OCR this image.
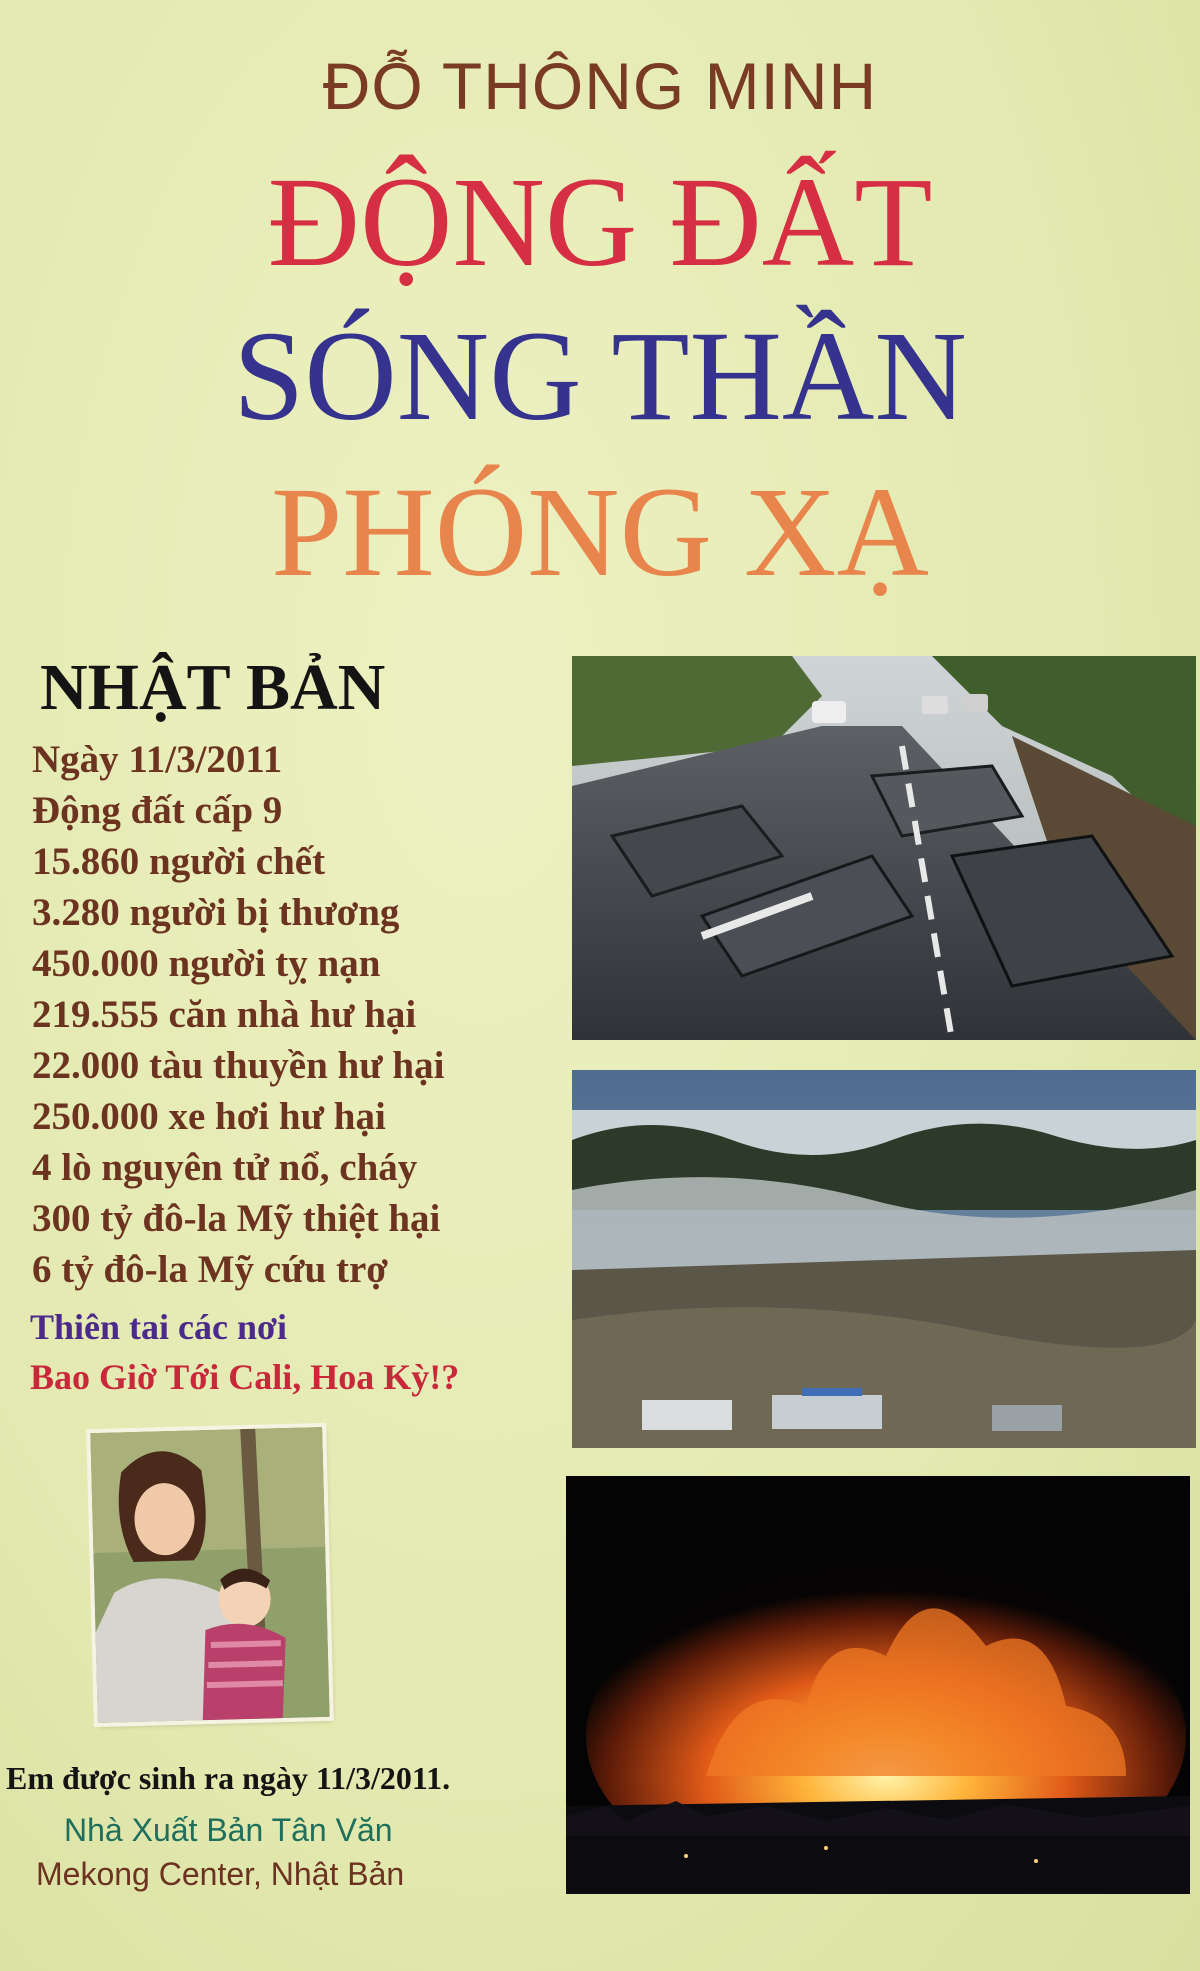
ĐỖ THÔNG MINH
ĐỘNG ĐẤT
SÓNG THẦN
PHÓNG XẠ
NHẬT BẢN
Ngày 11/3/2011
Động đất cấp 9
15.860 người chết
3.280 người bị thương
450.000 người tỵ nạn
219.555 căn nhà hư hại
22.000 tàu thuyền hư hại
250.000 xe hơi hư hại
4 lò nguyên tử nổ, cháy
300 tỷ đô-la Mỹ thiệt hại
6 tỷ đô-la Mỹ cứu trợ
Thiên tai các nơi
Bao Giờ Tới Cali, Hoa Kỳ!?
Em được sinh ra ngày 11/3/2011.
Nhà Xuất Bản Tân Văn
Mekong Center, Nhật Bản
